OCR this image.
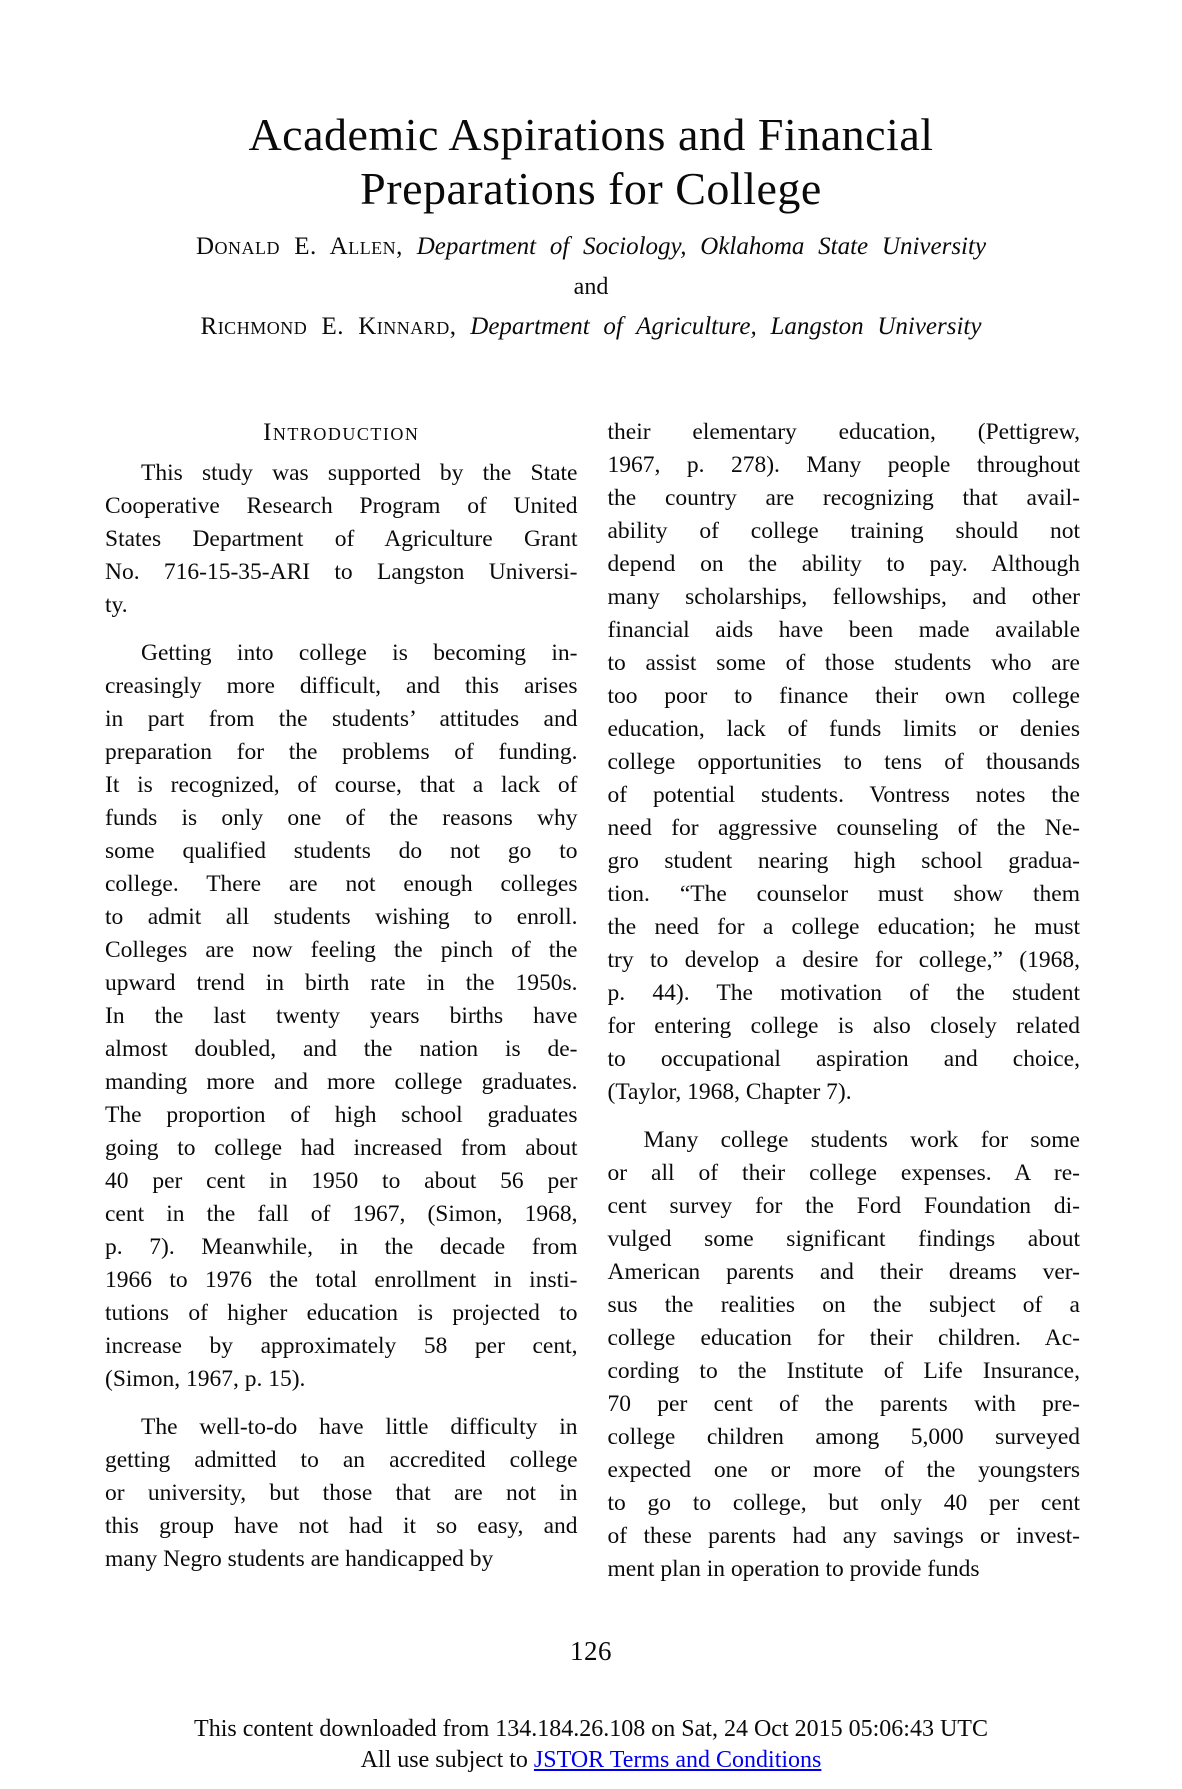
Academic Aspirations and Financial
Preparations for College
Donald E. Allen, Department of Sociology, Oklahoma State University
and
Richmond E. Kinnard, Department of Agriculture, Langston University
Introduction
This study was supported by the State
Cooperative Research Program of United
States Department of Agriculture Grant
No. 716-15-35-ARI to Langston Universi-
ty.
Getting into college is becoming in-
creasingly more difficult, and this arises
in part from the students’ attitudes and
preparation for the problems of funding.
It is recognized, of course, that a lack of
funds is only one of the reasons why
some qualified students do not go to
college. There are not enough colleges
to admit all students wishing to enroll.
Colleges are now feeling the pinch of the
upward trend in birth rate in the 1950s.
In the last twenty years births have
almost doubled, and the nation is de-
manding more and more college graduates.
The proportion of high school graduates
going to college had increased from about
40 per cent in 1950 to about 56 per
cent in the fall of 1967, (Simon, 1968,
p. 7). Meanwhile, in the decade from
1966 to 1976 the total enrollment in insti-
tutions of higher education is projected to
increase by approximately 58 per cent,
(Simon, 1967, p. 15).
The well-to-do have little difficulty in
getting admitted to an accredited college
or university, but those that are not in
this group have not had it so easy, and
many Negro students are handicapped by
their elementary education, (Pettigrew,
1967, p. 278). Many people throughout
the country are recognizing that avail-
ability of college training should not
depend on the ability to pay. Although
many scholarships, fellowships, and other
financial aids have been made available
to assist some of those students who are
too poor to finance their own college
education, lack of funds limits or denies
college opportunities to tens of thousands
of potential students. Vontress notes the
need for aggressive counseling of the Ne-
gro student nearing high school gradua-
tion. “The counselor must show them
the need for a college education; he must
try to develop a desire for college,” (1968,
p. 44). The motivation of the student
for entering college is also closely related
to occupational aspiration and choice,
(Taylor, 1968, Chapter 7).
Many college students work for some
or all of their college expenses. A re-
cent survey for the Ford Foundation di-
vulged some significant findings about
American parents and their dreams ver-
sus the realities on the subject of a
college education for their children. Ac-
cording to the Institute of Life Insurance,
70 per cent of the parents with pre-
college children among 5,000 surveyed
expected one or more of the youngsters
to go to college, but only 40 per cent
of these parents had any savings or invest-
ment plan in operation to provide funds
126
This content downloaded from 134.184.26.108 on Sat, 24 Oct 2015 05:06:43 UTC
All use subject to JSTOR Terms and Conditions
